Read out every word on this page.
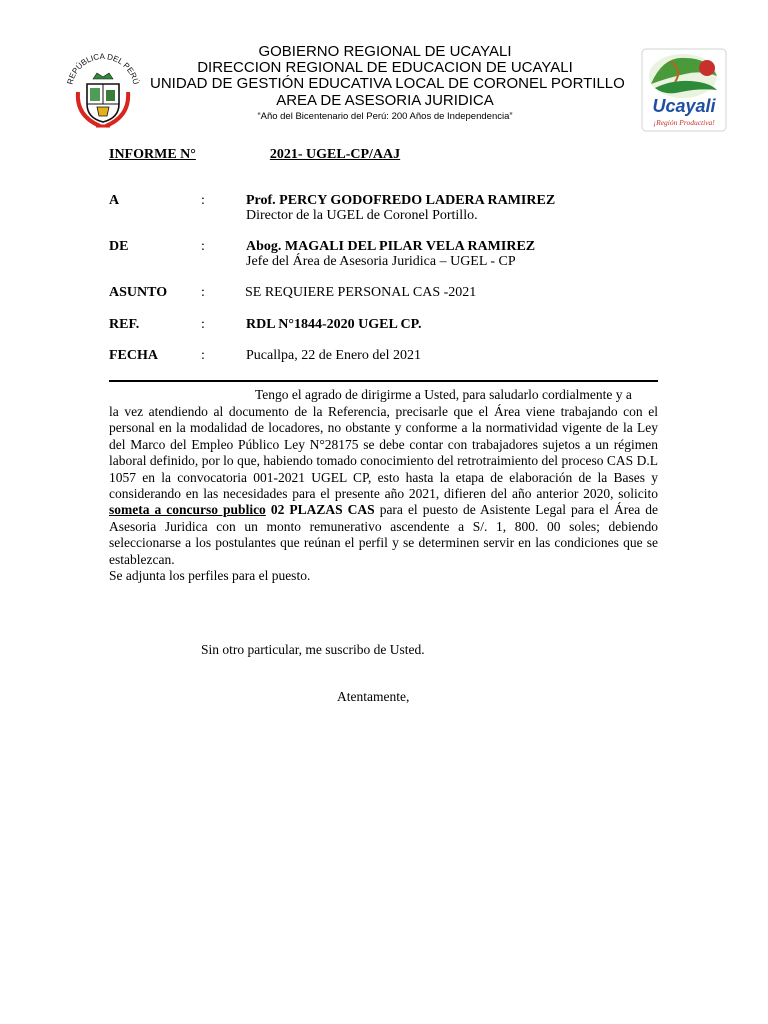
REPÚBLICA DEL PERÚ
Ucayali
¡Región Productiva!
GOBIERNO REGIONAL DE UCAYALI
DIRECCION REGIONAL DE EDUCACION DE UCAYALI
UNIDAD DE GESTIÓN EDUCATIVA LOCAL DE CORONEL PORTILLO
AREA DE ASESORIA JURIDICA
“Año del Bicentenario del Perú: 200 Años de Independencia”
INFORME N°	2021- UGEL-CP/AAJ
A	:	Prof. PERCY GODOFREDO LADERA RAMIREZ
Director de la UGEL de Coronel Portillo.
DE	:	Abog. MAGALI DEL PILAR VELA RAMIREZ
Jefe del Área de Asesoria Juridica – UGEL - CP
ASUNTO :	SE REQUIERE PERSONAL CAS -2021
REF.	:	RDL N°1844-2020 UGEL CP.
FECHA	:	Pucallpa, 22 de Enero del 2021
Tengo el agrado de dirigirme a Usted, para saludarlo cordialmente y a
la vez atendiendo al documento de la Referencia, precisarle que el Área viene trabajando con el personal en la modalidad de locadores, no obstante y conforme a la normatividad vigente de la Ley del Marco del Empleo Público Ley N°28175 se debe contar con trabajadores sujetos a un régimen laboral definido, por lo que, habiendo tomado conocimiento del retrotraimiento del proceso CAS D.L 1057 en la convocatoria 001-2021 UGEL CP, esto hasta la etapa de elaboración de la Bases y considerando en las necesidades para el presente año 2021, difieren del año anterior 2020, solicito someta a concurso publico 02 PLAZAS CAS para el puesto de Asistente Legal para el Área de Asesoria Juridica con un monto remunerativo ascendente a S/. 1, 800. 00 soles; debiendo seleccionarse a los postulantes que reúnan el perfil y se determinen servir en las condiciones que se establezcan.
Se adjunta los perfiles para el puesto.
Sin otro particular, me suscribo de Usted.
Atentamente,
